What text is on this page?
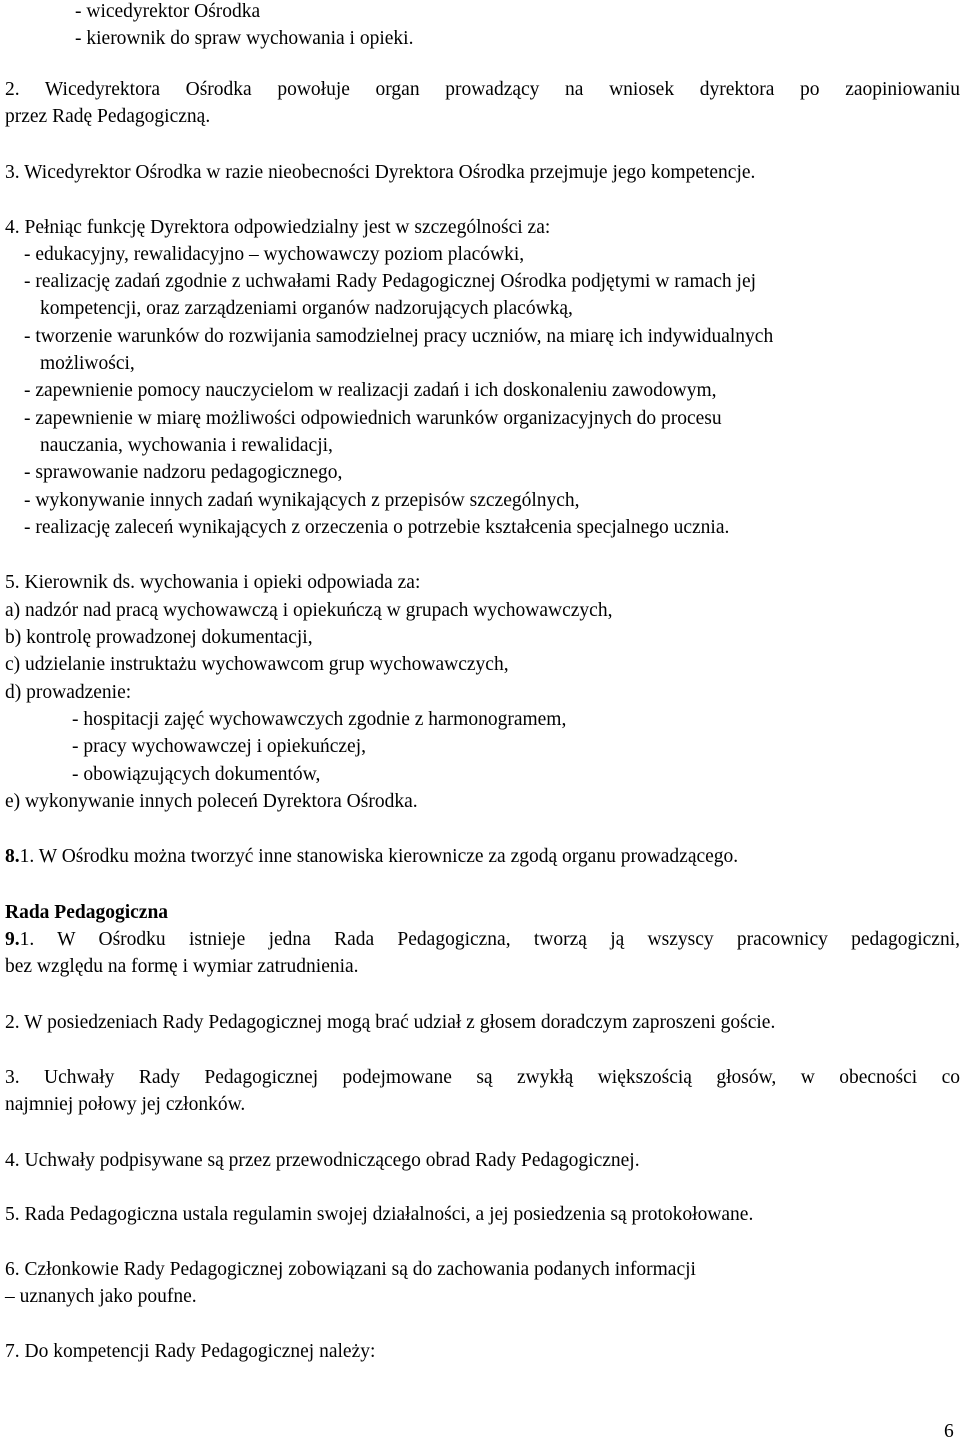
- wicedyrektor Ośrodka
- kierownik do spraw wychowania i opieki.
2. Wicedyrektora Ośrodka powołuje organ prowadzący na wniosek dyrektora po zaopiniowaniu
przez Radę Pedagogiczną.
3. Wicedyrektor Ośrodka w razie nieobecności Dyrektora Ośrodka przejmuje jego kompetencje.
4. Pełniąc funkcję Dyrektora odpowiedzialny jest w szczególności za:
- edukacyjny, rewalidacyjno – wychowawczy poziom placówki,
- realizację zadań zgodnie z uchwałami Rady Pedagogicznej Ośrodka podjętymi w ramach jej
kompetencji, oraz zarządzeniami organów nadzorujących placówką,
- tworzenie warunków do rozwijania samodzielnej pracy uczniów, na miarę ich indywidualnych
możliwości,
- zapewnienie pomocy nauczycielom w realizacji zadań i ich doskonaleniu zawodowym,
- zapewnienie w miarę możliwości odpowiednich warunków organizacyjnych do procesu
nauczania, wychowania i rewalidacji,
- sprawowanie nadzoru pedagogicznego,
- wykonywanie innych zadań wynikających z przepisów szczególnych,
- realizację zaleceń wynikających z orzeczenia o potrzebie kształcenia specjalnego ucznia.
5. Kierownik ds. wychowania i opieki odpowiada za:
a) nadzór nad pracą wychowawczą i opiekuńczą w grupach wychowawczych,
b) kontrolę prowadzonej dokumentacji,
c) udzielanie instruktażu wychowawcom grup wychowawczych,
d) prowadzenie:
- hospitacji zajęć wychowawczych zgodnie z harmonogramem,
- pracy wychowawczej i opiekuńczej,
- obowiązujących dokumentów,
e) wykonywanie innych poleceń Dyrektora Ośrodka.
8.1. W Ośrodku można tworzyć inne stanowiska kierownicze za zgodą organu prowadzącego.
Rada Pedagogiczna
9.1. W Ośrodku istnieje jedna Rada Pedagogiczna, tworzą ją wszyscy pracownicy pedagogiczni,
bez względu na formę i wymiar zatrudnienia.
2. W posiedzeniach Rady Pedagogicznej mogą brać udział z głosem doradczym zaproszeni goście.
3. Uchwały Rady Pedagogicznej podejmowane są zwykłą większością głosów, w obecności co
najmniej połowy jej członków.
4. Uchwały podpisywane są przez przewodniczącego obrad Rady Pedagogicznej.
5. Rada Pedagogiczna ustala regulamin swojej działalności, a jej posiedzenia są protokołowane.
6. Członkowie Rady Pedagogicznej zobowiązani są do zachowania podanych informacji
– uznanych jako poufne.
7. Do kompetencji Rady Pedagogicznej należy:
6
